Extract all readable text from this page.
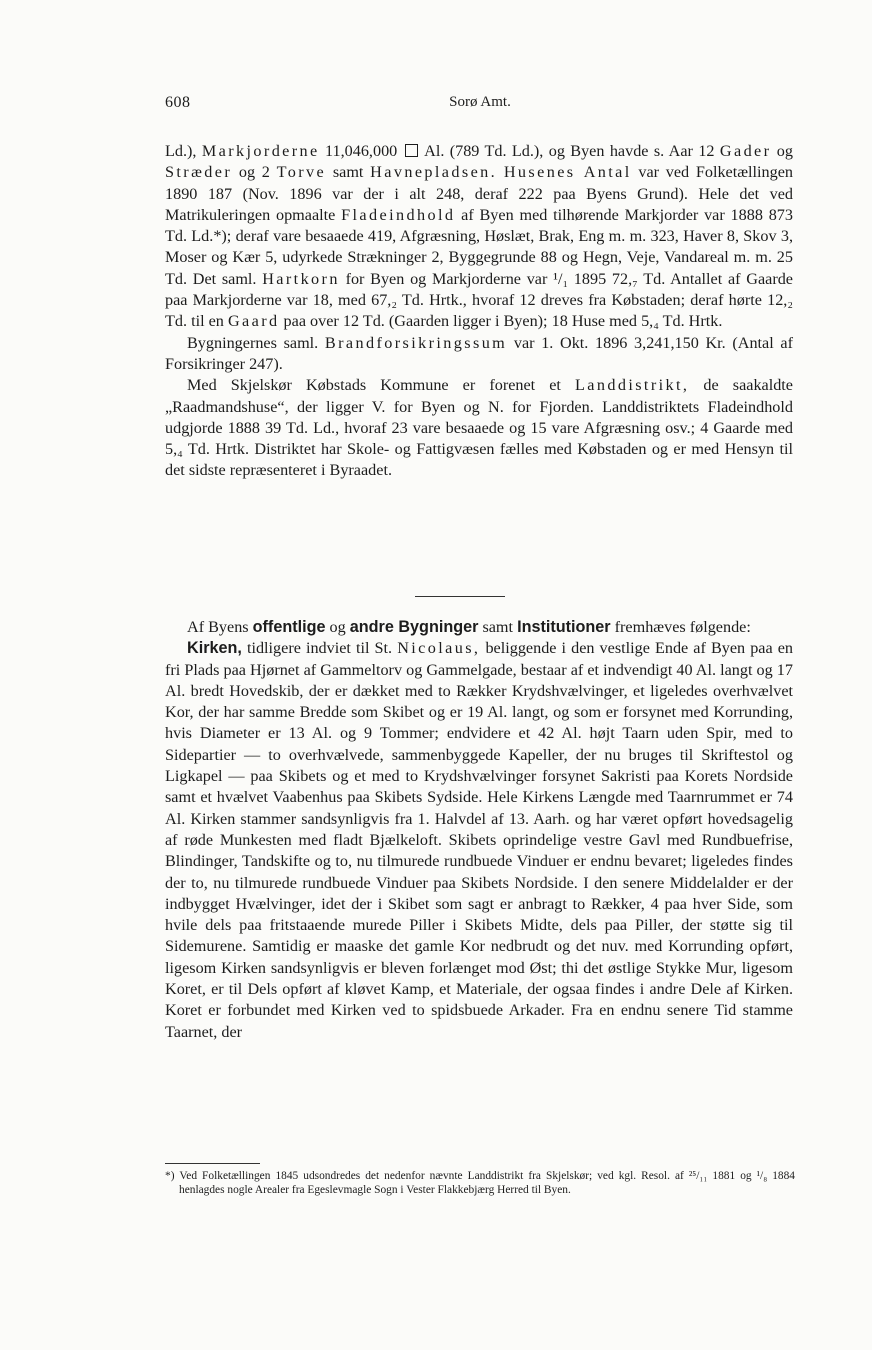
608	Sorø Amt.

Ld.), Markjorderne 11,046,000 Al. (789 Td. Ld.), og Byen havde s. Aar 12 Gader og Stræder og 2 Torve samt Havnepladsen. Husenes Antal var ved Folketællingen 1890 187 (Nov. 1896 var der i alt 248, deraf 222 paa Byens Grund). Hele det ved Matrikuleringen opmaalte Fladeindhold af Byen med tilhørende Markjorder var 1888 873 Td. Ld.*); deraf vare besaaede 419, Afgræsning, Høslæt, Brak, Eng m. m. 323, Haver 8, Skov 3, Moser og Kær 5, udyrkede Strækninger 2, Byggegrunde 88 og Hegn, Veje, Vandareal m. m. 25 Td. Det saml. Hartkorn for Byen og Markjorderne var ¹/₁ 1895 72,₇ Td. Antallet af Gaarde paa Markjorderne var 18, med 67,₂ Td. Hrtk., hvoraf 12 dreves fra Købstaden; deraf hørte 12,₂ Td. til en Gaard paa over 12 Td. (Gaarden ligger i Byen); 18 Huse med 5,₄ Td. Hrtk.

Bygningernes saml. Brandforsikringssum var 1. Okt. 1896 3,241,150 Kr. (Antal af Forsikringer 247).

Med Skjelskør Købstads Kommune er forenet et Landdistrikt, de saakaldte „Raadmandshuse“, der ligger V. for Byen og N. for Fjorden. Landdistriktets Fladeindhold udgjorde 1888 39 Td. Ld., hvoraf 23 vare besaaede og 15 vare Afgræsning osv.; 4 Gaarde med 5,₄ Td. Hrtk. Distriktet har Skole- og Fattigvæsen fælles med Købstaden og er med Hensyn til det sidste repræsenteret i Byraadet.

Af Byens offentlige og andre Bygninger samt Institutioner fremhæves følgende:

Kirken, tidligere indviet til St. Nicolaus, beliggende i den vestlige Ende af Byen paa en fri Plads paa Hjørnet af Gammeltorv og Gammelgade, bestaar af et indvendigt 40 Al. langt og 17 Al. bredt Hovedskib, der er dækket med to Rækker Krydshvælvinger, et ligeledes overhvælvet Kor, der har samme Bredde som Skibet og er 19 Al. langt, og som er forsynet med Korrunding, hvis Diameter er 13 Al. og 9 Tommer; endvidere et 42 Al. højt Taarn uden Spir, med to Sidepartier — to overhvælvede, sammenbyggede Kapeller, der nu bruges til Skriftestol og Ligkapel — paa Skibets og et med to Krydshvælvinger forsynet Sakristi paa Korets Nordside samt et hvælvet Vaabenhus paa Skibets Sydside. Hele Kirkens Længde med Taarnrummet er 74 Al. Kirken stammer sandsynligvis fra 1. Halvdel af 13. Aarh. og har været opført hovedsagelig af røde Munkesten med fladt Bjælkeloft. Skibets oprindelige vestre Gavl med Rundbuefrise, Blindinger, Tandskifte og to, nu tilmurede rundbuede Vinduer er endnu bevaret; ligeledes findes der to, nu tilmurede rundbuede Vinduer paa Skibets Nordside. I den senere Middelalder er der indbygget Hvælvinger, idet der i Skibet som sagt er anbragt to Rækker, 4 paa hver Side, som hvile dels paa fritstaaende murede Piller i Skibets Midte, dels paa Piller, der støtte sig til Sidemurene. Samtidig er maaske det gamle Kor nedbrudt og det nuv. med Korrunding opført, ligesom Kirken sandsynligvis er bleven forlænget mod Øst; thi det østlige Stykke Mur, ligesom Koret, er til Dels opført af kløvet Kamp, et Materiale, der ogsaa findes i andre Dele af Kirken. Koret er forbundet med Kirken ved to spidsbuede Arkader. Fra en endnu senere Tid stamme Taarnet, der

*) Ved Folketællingen 1845 udsondredes det nedenfor nævnte Landdistrikt fra Skjelskør; ved kgl. Resol. af ²⁵/₁₁ 1881 og ¹/₈ 1884 henlagdes nogle Arealer fra Egeslevmagle Sogn i Vester Flakkebjærg Herred til Byen.
